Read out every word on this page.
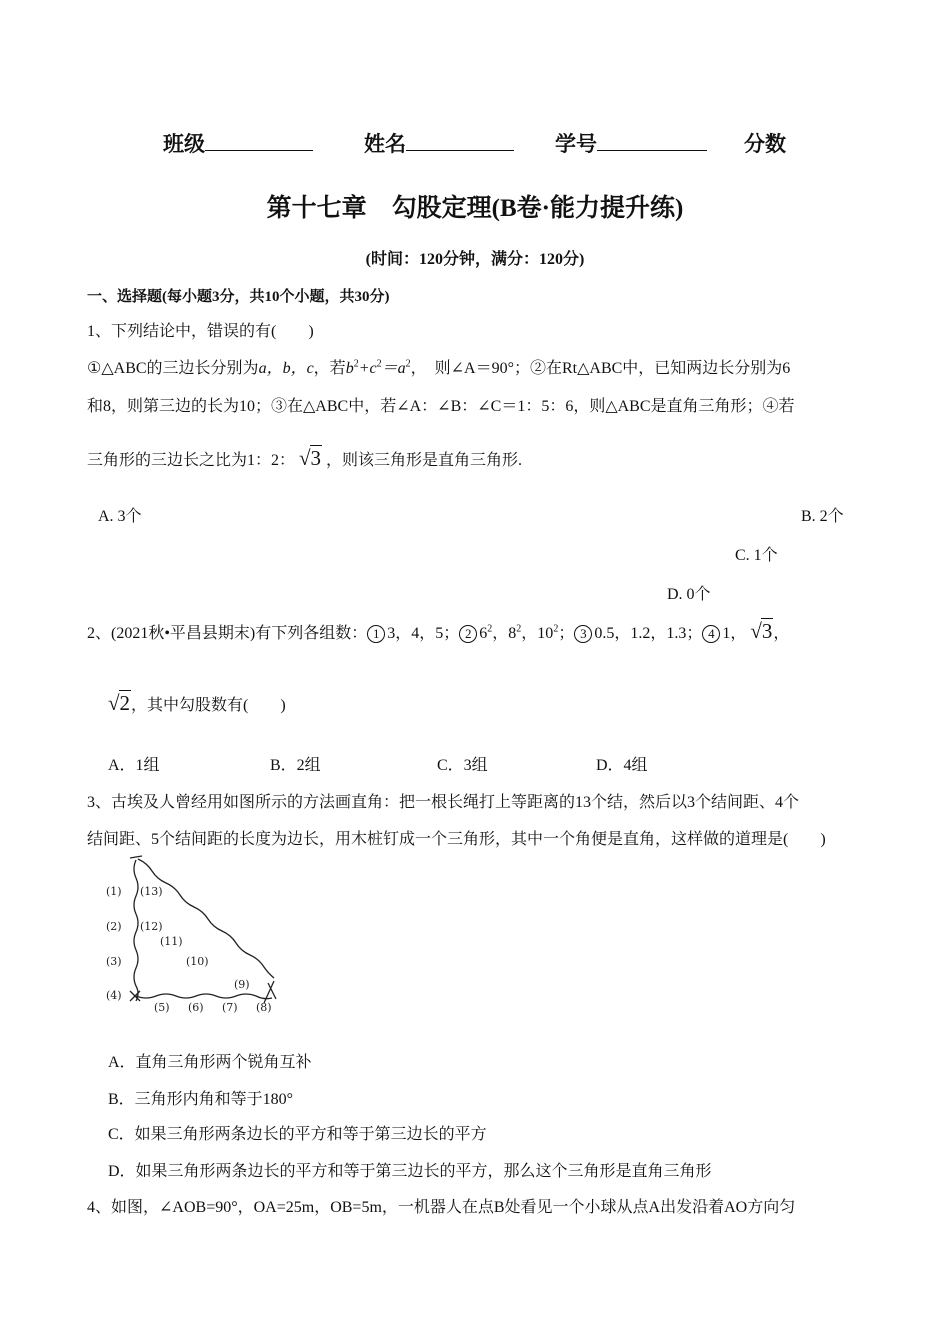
班级	姓名	学号	分数
第十七章　勾股定理(B卷·能力提升练)
(时间：120分钟，满分：120分)
一、选择题(每小题3分，共10个小题，共30分)
1、下列结论中，错误的有(　　)
①△ABC的三边长分别为a，b，c，若$b^2+c^2=a^2$，　则∠A＝90°；②在Rt△ABC中，已知两边长分别为6
和8，则第三边的长为10；③在△ABC中，若∠A：∠B：∠C＝1：5：6，则△ABC是直角三角形；④若
三角形的三边长之比为1：2： √3 ，则该三角形是直角三角形.
A. 3个	B. 2个
C. 1个
D. 0个
2、(2021秋•平昌县期末)有下列各组数： 1 3，4，5； 2 $6^2$，$8^2$，$10^2$； 3 0.5，1.2，1.3； 4 1， √3，
√2，其中勾股数有(　　)
A．1组	B．2组	C．3组	D．4组
3、古埃及人曾经用如图所示的方法画直角：把一根长绳打上等距离的13个结，然后以3个结间距、4个
结间距、5个结间距的长度为边长，用木桩钉成一个三角形，其中一个角便是直角，这样做的道理是(　　)
(1)
(2)
(3)
(4)
(5) (6) (7) (8)
(9)
(10)
(11)
(12)
(13)
A．直角三角形两个锐角互补
B．三角形内角和等于180°
C．如果三角形两条边长的平方和等于第三边长的平方
D．如果三角形两条边长的平方和等于第三边长的平方，那么这个三角形是直角三角形
4、如图，∠AOB=90°，OA=25m，OB=5m，一机器人在点B处看见一个小球从点A出发沿着AO方向匀
